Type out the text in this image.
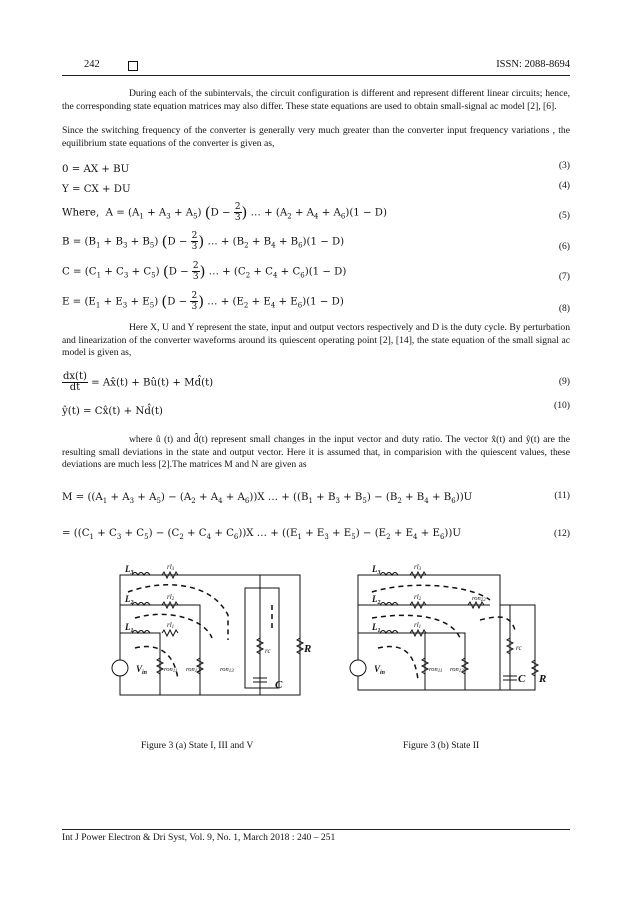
242	ISSN: 2088-8694
During each of the subintervals, the circuit configuration is different and represent different linear circuits; hence, the corresponding state equation matrices may also differ. These state equations are used to obtain small-signal ac model [2], [6].
Since the switching frequency of the converter is generally very much greater than the converter input frequency variations , the equilibrium state equations of the converter is given as,
0 = AX + BU	(3)
Y = CX + DU	(4)
Where,  $A = (A_1 + A_3 + A_5) (D - \frac{2}{3}$ ) … + $(A_2 + A_4 + A_6)(1 - D)$	(5)
$B = (B_1 + B_3 + B_5) (D - \frac{2}{3}$ ) … + $(B_2 + B_4 + B_6)(1 - D)$	(6)
$C = (C_1 + C_3 + C_5) (D - \frac{2}{3}$ ) … + $(C_2 + C_4 + C_6)(1 - D)$	(7)
$E = (E_1 + E_3 + E_5) (D - \frac{2}{3}$ ) … + $(E_2 + E_4 + E_6)(1 - D)$
(8)
Here X, U and Y represent the state, input and output vectors respectively and D is the duty cycle. By perturbation and linearization of the converter waveforms around its quiescent operating point [2], [14], the state equation of the small signal ac model is given as,
$\frac{dx(t)}{dt}$ = Ax̂(t) + Bû(t) + Md̂(t)	(9)
ŷ(t) = Cx̂(t) + Nd̂(t)
(10)
where û (t) and d̂(t) represent small changes in the input vector and duty ratio. The vector x̂(t) and ŷ(t) are the resulting small deviations in the state and output vector. Here it is assumed that, in comparision with the quiescent values, these deviations are much less [2].The matrices M and N are given as
$M = ((A_1 + A_3 + A_5) - (A_2 + A_4 + A_6))X$ … + $((B_1 + B_3 + B_5) - (B_2 + B_4 + B_6))U$	(11)
= $((C_1 + C_3 + C_5) - (C_2 + C_4 + C_6))X$ … + $((E_1 + E_3 + E_5) - (E_2 + E_4 + E_6))U$	(12)
$L_3$
$L_2$
$L_1$
rl3
rl2
rl1
$V_{in}$	ron11 ron12	ron13
rc
C
R
$L_3$
$L_2$
$L_1$
rl3
rl2
rl1
ron22
$V_{in}$	ron11 ron13
rc
C R
Figure 3 (a) State I, III and V	Figure 3 (b) State II
Int J Power Electron & Dri Syst, Vol. 9, No. 1, March 2018 : 240 – 251
